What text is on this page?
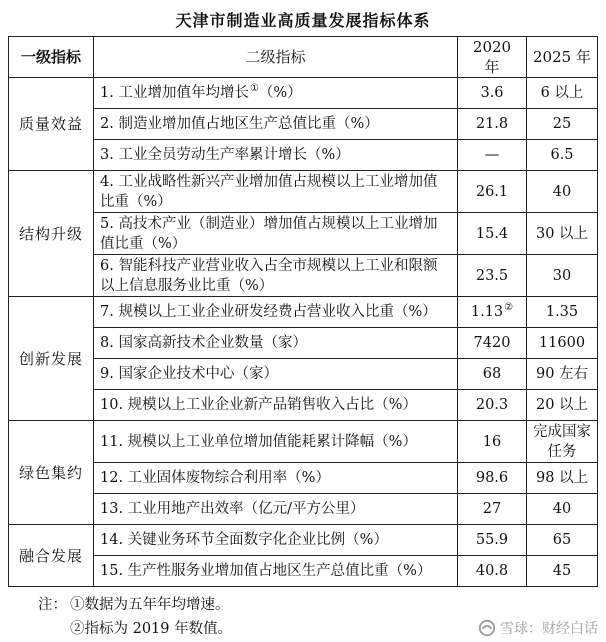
天津市制造业高质量发展指标体系
一级指标	二级指标	2020 年	2025 年
质量效益	1. 工业增加值年均增长①（%）	3.6	6 以上
	2. 制造业增加值占地区生产总值比重（%）	21.8	25
	3. 工业全员劳动生产率累计增长（%）	—	6.5
结构升级	4. 工业战略性新兴产业增加值占规模以上工业增加值比重（%）	26.1	40
	5. 高技术产业（制造业）增加值占规模以上工业增加值比重（%）	15.4	30 以上
	6. 智能科技产业营业收入占全市规模以上工业和限额以上信息服务业比重（%）	23.5	30
创新发展	7. 规模以上工业企业研发经费占营业收入比重（%）	1.13②	1.35
	8. 国家高新技术企业数量（家）	7420	11600
	9. 国家企业技术中心（家）	68	90 左右
	10. 规模以上工业企业新产品销售收入占比（%）	20.3	20 以上
绿色集约	11. 规模以上工业单位增加值能耗累计降幅（%）	16	完成国家任务
	12. 工业固体废物综合利用率（%）	98.6	98 以上
	13. 工业用地产出效率（亿元/平方公里）	27	40
融合发展	14. 关键业务环节全面数字化企业比例（%）	55.9	65
	15. 生产性服务业增加值占地区生产总值比重（%）	40.8	45
注： ①数据为五年年均增速。
②指标为 2019 年数值。	雪球：财经白话
